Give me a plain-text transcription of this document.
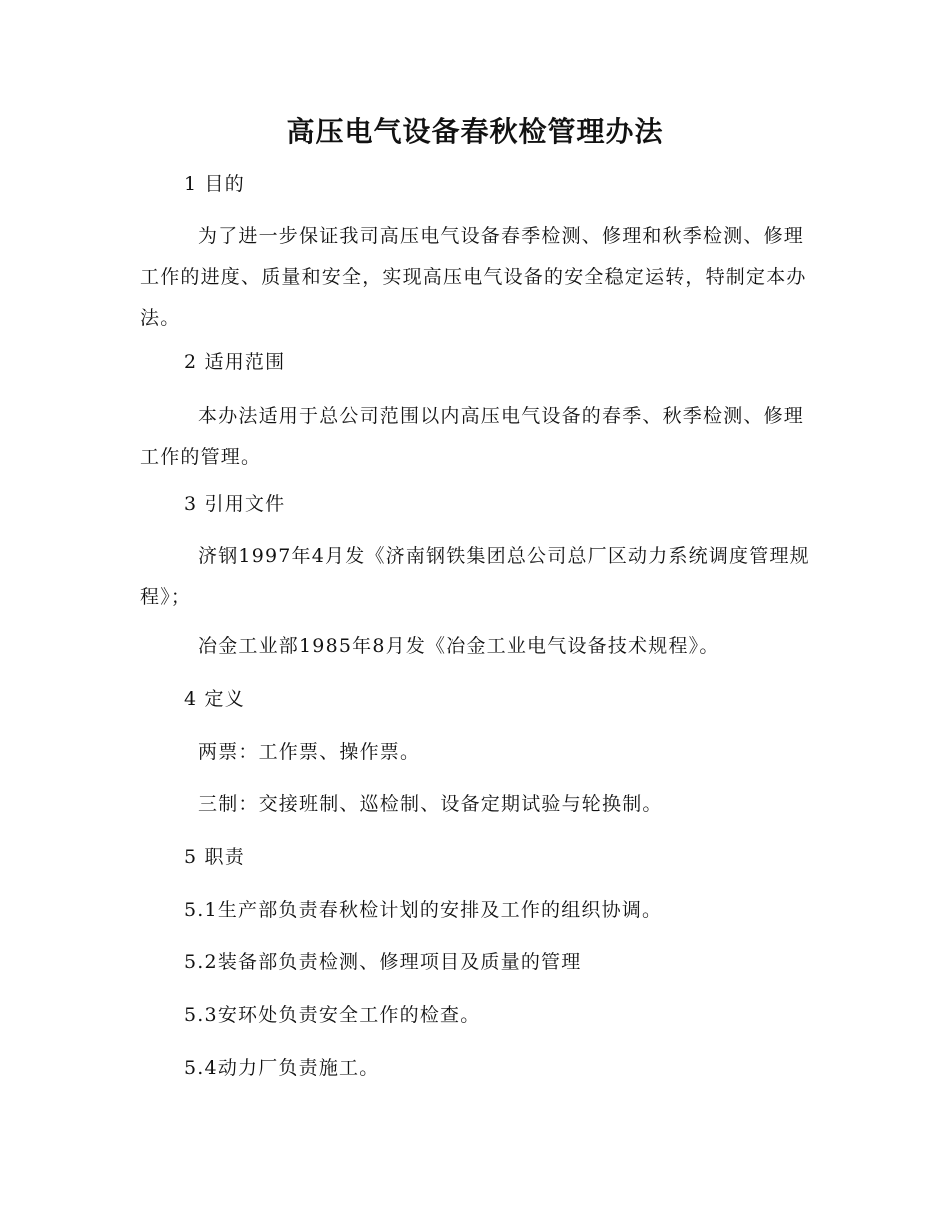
高压电气设备春秋检管理办法
1 目的
为了进一步保证我司高压电气设备春季检测、修理和秋季检测、修理工作的进度、质量和安全，实现高压电气设备的安全稳定运转，特制定本办法。
2 适用范围
本办法适用于总公司范围以内高压电气设备的春季、秋季检测、修理工作的管理。
3 引用文件
济钢1997年4月发《济南钢铁集团总公司总厂区动力系统调度管理规程》；
冶金工业部1985年8月发《冶金工业电气设备技术规程》。
4 定义
两票：工作票、操作票。
三制：交接班制、巡检制、设备定期试验与轮换制。
5 职责
5.1生产部负责春秋检计划的安排及工作的组织协调。
5.2装备部负责检测、修理项目及质量的管理
5.3安环处负责安全工作的检查。
5.4动力厂负责施工。
